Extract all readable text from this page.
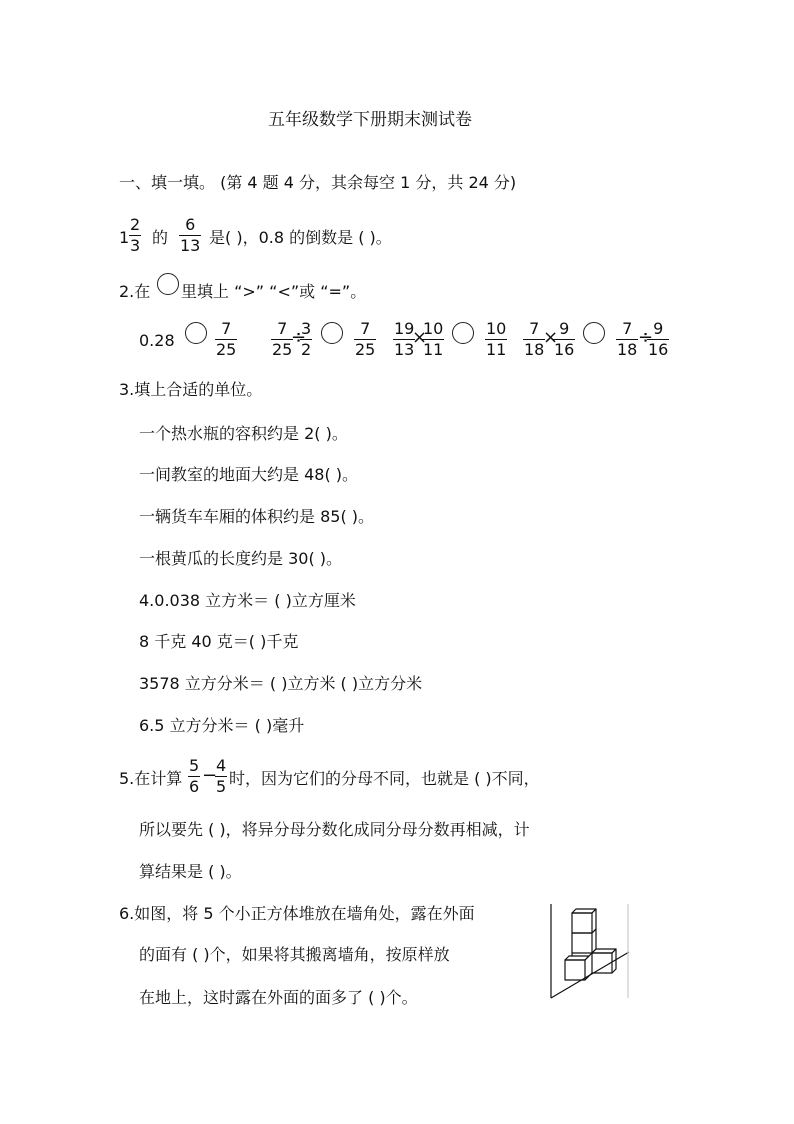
五年级数学下册期末测试卷
一、填一填。 (第 4 题 4 分，其余每空 1 分，共 24 分)
$1 \frac{2}{3}$ 的 $\frac{6}{13}$ 是( )，0.8 的倒数是 ( )。
2.在 里填上 “>” “<”或 “=”。
0.28	$\frac{7}{25} \frac{7}{25}$
÷
$\frac{3}{2}$	$\frac{7}{25} \frac{19}{13}$
×
$\frac{10}{11}$	$\frac{10}{11} \frac{7}{18}$
×
$\frac{9}{16}$	$\frac{7}{18}$ ÷
$\frac{9}{16}$
3.填上合适的单位。
一个热水瓶的容积约是 2( )。
一间教室的地面大约是 48( )。
一辆货车车厢的体积约是 85( )。
一根黄瓜的长度约是 30( )。
4.0.038 立方米＝ ( )立方厘米
8 千克 40 克＝( )千克
3578 立方分米＝ ( )立方米 ( )立方分米
6.5 立方分米＝ ( )毫升
5.在计算 $\frac{5}{6}$ −
$\frac{4}{5}$ 时，因为它们的分母不同，也就是 ( )不同，
所以要先 ( )，将异分母分数化成同分母分数再相减，计
算结果是 ( )。
6.如图，将 5 个小正方体堆放在墙角处，露在外面
的面有 ( )个，如果将其搬离墙角，按原样放
在地上，这时露在外面的面多了 ( )个。
